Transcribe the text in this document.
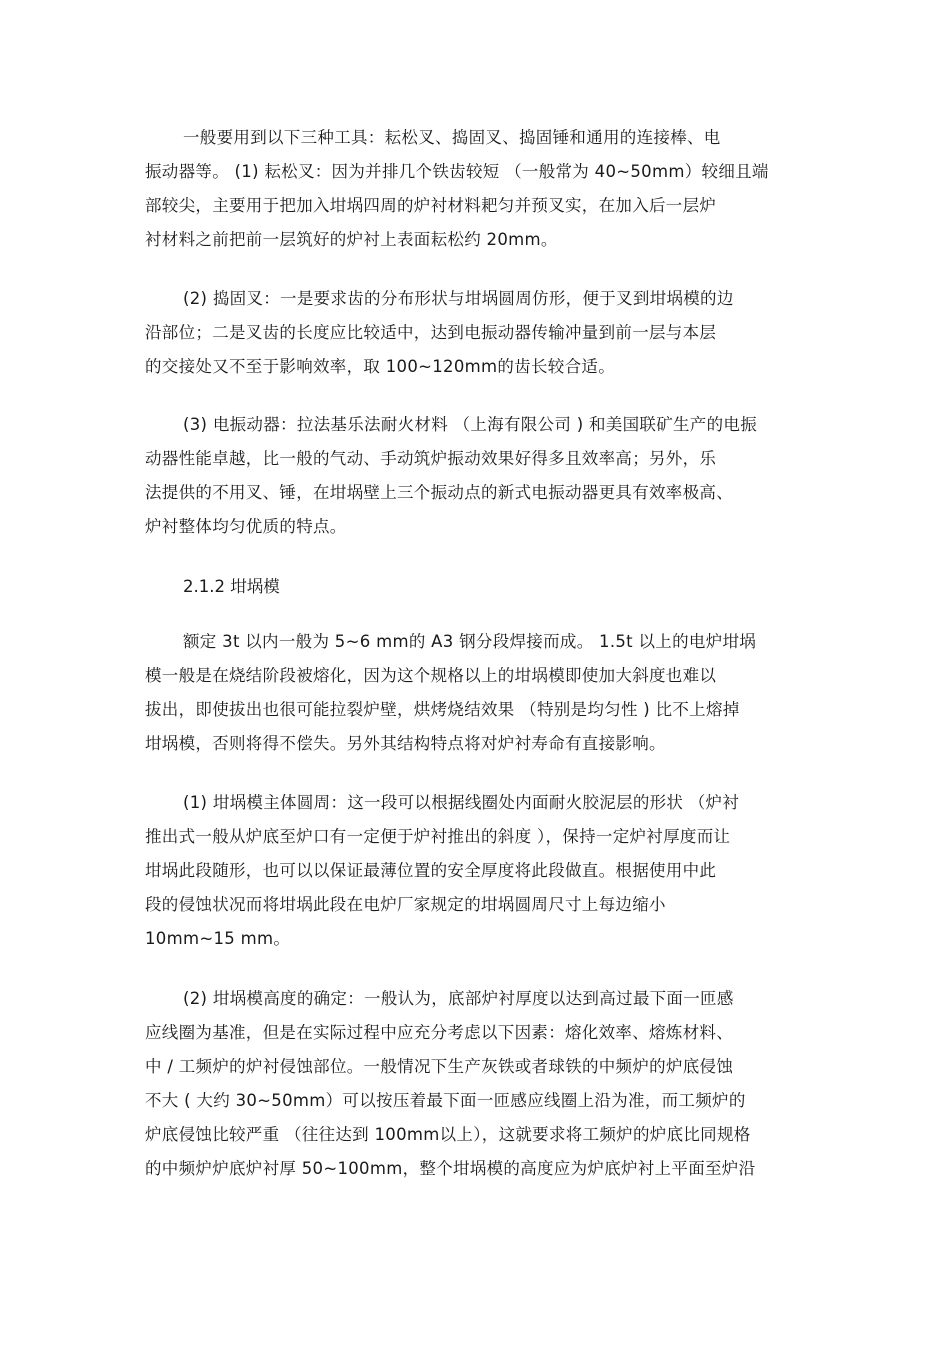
一般要用到以下三种工具：耘松叉、捣固叉、捣固锤和通用的连接棒、电
振动器等。 (1) 耘松叉：因为并排几个铁齿较短 （一般常为 40~50mm）较细且端
部较尖，主要用于把加入坩埚四周的炉衬材料耙匀并预叉实，在加入后一层炉
衬材料之前把前一层筑好的炉衬上表面耘松约 20mm。
(2) 捣固叉：一是要求齿的分布形状与坩埚圆周仿形，便于叉到坩埚模的边
沿部位；二是叉齿的长度应比较适中，达到电振动器传输冲量到前一层与本层
的交接处又不至于影响效率，取 100~120mm的齿长较合适。
(3) 电振动器：拉法基乐法耐火材料 （上海有限公司 ) 和美国联矿生产的电振
动器性能卓越，比一般的气动、手动筑炉振动效果好得多且效率高；另外，乐
法提供的不用叉、锤，在坩埚壁上三个振动点的新式电振动器更具有效率极高、
炉衬整体均匀优质的特点。
2.1.2 坩埚模
额定 3t 以内一般为 5~6 mm的 A3 钢分段焊接而成。 1.5t 以上的电炉坩埚
模一般是在烧结阶段被熔化，因为这个规格以上的坩埚模即使加大斜度也难以
拔出，即使拔出也很可能拉裂炉壁，烘烤烧结效果 （特别是均匀性 ) 比不上熔掉
坩埚模，否则将得不偿失。另外其结构特点将对炉衬寿命有直接影响。
(1) 坩埚模主体圆周：这一段可以根据线圈处内面耐火胶泥层的形状 （炉衬
推出式一般从炉底至炉口有一定便于炉衬推出的斜度 ），保持一定炉衬厚度而让
坩埚此段随形，也可以以保证最薄位置的安全厚度将此段做直。根据使用中此
段的侵蚀状况而将坩埚此段在电炉厂家规定的坩埚圆周尺寸上每边缩小
10mm~15 mm。
(2) 坩埚模高度的确定：一般认为，底部炉衬厚度以达到高过最下面一匝感
应线圈为基准，但是在实际过程中应充分考虑以下因素：熔化效率、熔炼材料、
中 / 工频炉的炉衬侵蚀部位。一般情况下生产灰铁或者球铁的中频炉的炉底侵蚀
不大 ( 大约 30~50mm）可以按压着最下面一匝感应线圈上沿为准，而工频炉的
炉底侵蚀比较严重 （往往达到 100mm以上），这就要求将工频炉的炉底比同规格
的中频炉炉底炉衬厚 50~100mm，整个坩埚模的高度应为炉底炉衬上平面至炉沿
